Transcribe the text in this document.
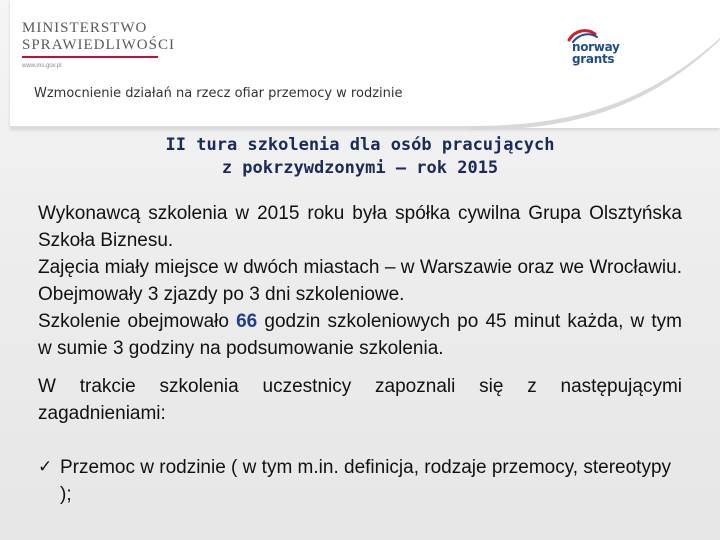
MINISTERSTWO
SPRAWIEDLIWOŚCI
www.ms.gov.pl
norway
grants
Wzmocnienie działań na rzecz ofiar przemocy w rodzinie
II tura szkolenia dla osób pracujących
z pokrzywdzonymi – rok 2015

Wykonawcą szkolenia w 2015 roku była spółka cywilna Grupa Olsztyńska Szkoła Biznesu.

Zajęcia miały miejsce w dwóch miastach – w Warszawie oraz we Wrocławiu. Obejmowały 3 zjazdy po 3 dni szkoleniowe.

Szkolenie obejmowało 66 godzin szkoleniowych po 45 minut każda, w tym w sumie 3 godziny na podsumowanie szkolenia.

W trakcie szkolenia uczestnicy zapoznali się z następującymi zagadnieniami:

✓ Przemoc w rodzinie ( w tym m.in. definicja, rodzaje przemocy, stereotypy );
